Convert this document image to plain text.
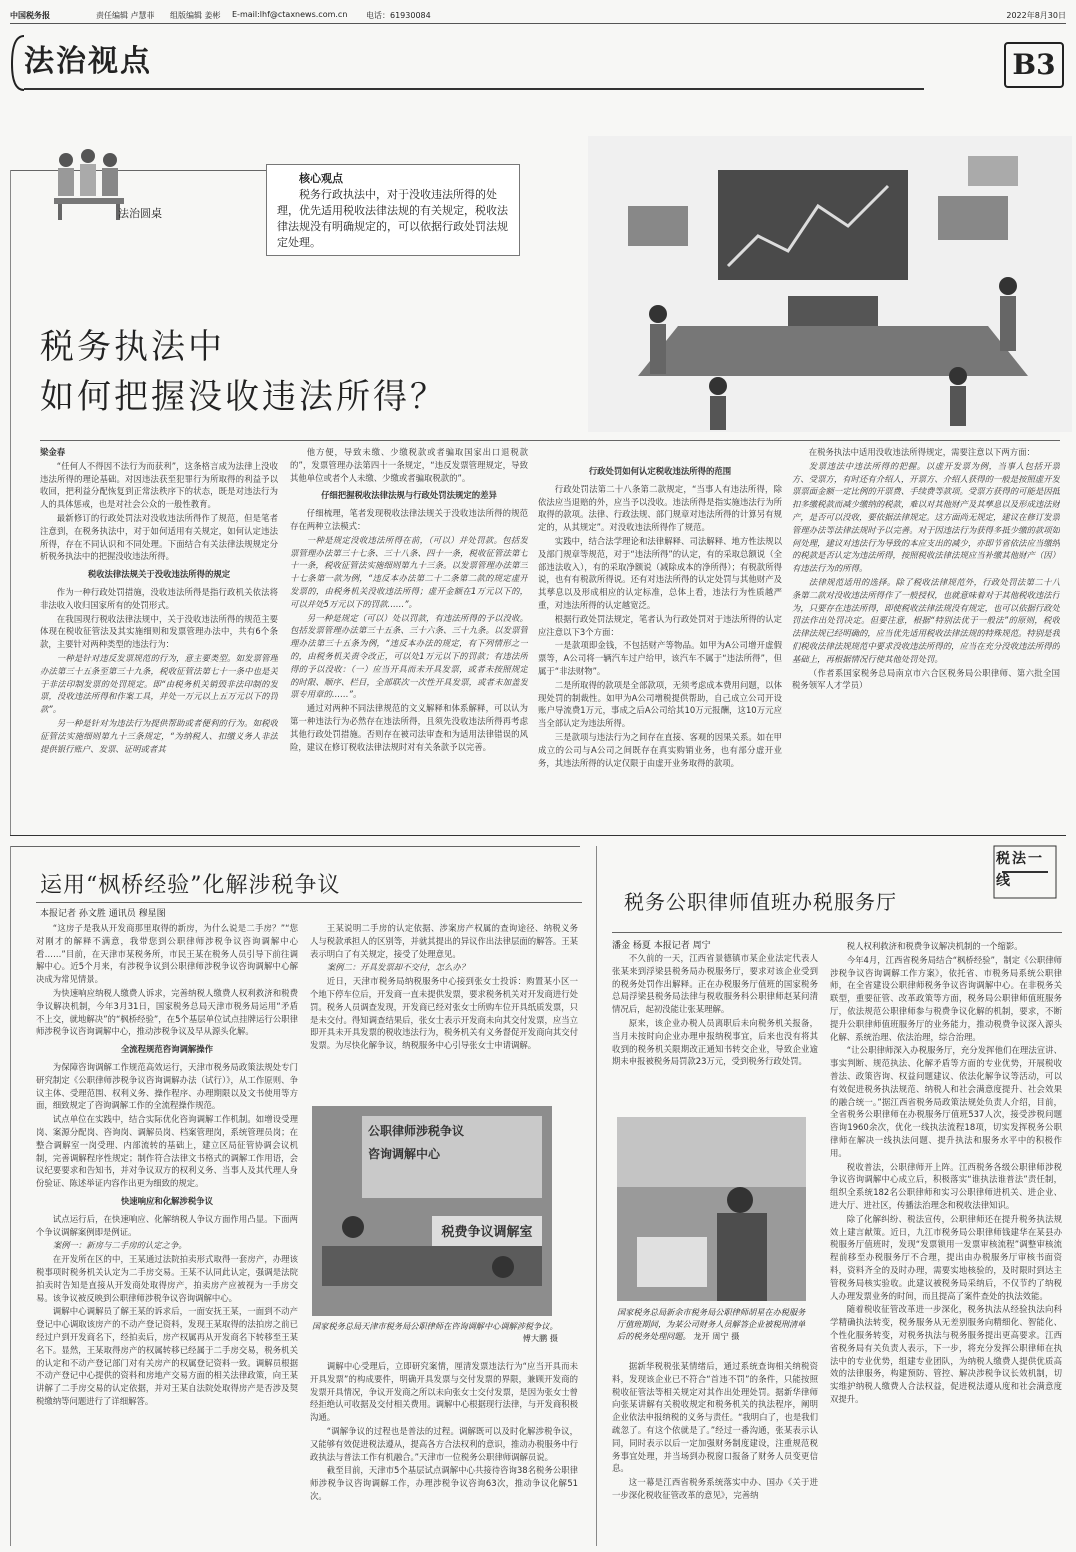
中国税务报	责任编辑 卢慧菲 组版编辑 姜彬 E-mail:lhf@ctaxnews.com.cn 电话：61930084	2022年8月30日
法治视点	B3
法治圆桌
核心观点
税务行政执法中，对于没收违法所得的处理，优先适用税收法律法规的有关规定，税收法律法规没有明确规定的，可以依据行政处罚法规定处理。
税务执法中
如何把握没收违法所得？

梁金春

“任何人不得因不法行为而获利”，这条格言成为法律上没收违法所得的理论基础。对因违法获至犯罪行为所取得的利益予以收回，把利益分配恢复到正常法秩序下的状态，既是对违法行为人的具体惩戒，也是对社会公众的一般性教育。

最新修订的行政处罚法对没收违法所得作了规范，但是笔者注意到，在税务执法中，对于如何适用有关规定，如何认定违法所得，存在不同认识和不同处理。下面结合有关法律法规规定分析税务执法中的把握没收违法所得。

税收法律法规关于没收违法所得的规定

作为一种行政处罚措施，没收违法所得是指行政机关依法将非法收入收归国家所有的处罚形式。

在我国现行税收法律法规中，关于没收违法所得的规范主要体现在税收征管法及其实施细则和发票管理办法中，共有6个条款，主要针对两种类型的违法行为：

一种是针对违反发票规范的行为，意主要类型。如发票管理办法第三十五条至第三十九条，税收征管法第七十一条中也是关于非法印制发票的处罚规定。即“由税务机关销毁非法印制的发票，没收违法所得和作案工具，并处一万元以上五万元以下的罚款”。

另一种是针对为违法行为提供帮助或者便利的行为。如税收征管法实施细则第九十三条规定，“为纳税人、扣缴义务人非法提供银行账户、发票、证明或者其

他方便，导致未缴、少缴税款或者骗取国家出口退税款的”，发票管理办法第四十一条规定，“违反发票管理规定，导致其他单位或者个人未缴、少缴或者骗取税款的”。

仔细把握税收法律法规与行政处罚法规定的差异

仔细梳理，笔者发现税收法律法规关于没收违法所得的规范存在两种立法模式：

一种是规定没收违法所得在前，（可以）并处罚款。包括发票管理办法第三十七条、三十八条、四十一条，税收征管法第七十一条，税收征管法实施细则第九十三条。以发票管理办法第三十七条第一款为例，“违反本办法第二十二条第二款的规定虚开发票的，由税务机关没收违法所得；虚开金额在1万元以下的，可以并处5万元以下的罚款……”。

另一种是规定（可以）处以罚款，有违法所得的予以没收。包括发票管理办法第三十五条、三十六条、三十九条。以发票管理办法第三十五条为例，“违反本办法的规定，有下列情形之一的，由税务机关责令改正，可以处1万元以下的罚款；有违法所得的予以没收：（一）应当开具而未开具发票，或者未按照规定的时限、顺序、栏目，全部联次一次性开具发票，或者未加盖发票专用章的……”。

通过对两种不同法律规范的文义解释和体系解释，可以认为第一种违法行为必然存在违法所得，且须先没收违法所得再考虑其他行政处罚措施。否则存在被司法审查和为适用法律错误的风险，建议在修订税收法律法规时对有关条款予以完善。

行政处罚如何认定税收违法所得的范围

行政处罚法第二十八条第二款规定，“当事人有违法所得，除依法应当退赔的外，应当予以没收。违法所得是指实施违法行为所取得的款项。法律、行政法规、部门规章对违法所得的计算另有规定的，从其规定”。对没收违法所得作了规范。

实践中，结合法学理论和法律解释、司法解释、地方性法规以及部门规章等规范，对于“违法所得”的认定，有的采取总额说（全部违法收入），有的采取净额说（减除成本的净所得）；有税款所得说，也有有税款所得说。还有对违法所得的认定处罚与其他财产及其孳息以及形成相应的认定标准，总体上看，违法行为性质越严重，对违法所得的认定越宽泛。

根据行政处罚法规定，笔者认为行政处罚对于违法所得的认定应注意以下3个方面：

一是款项即金钱，不包括财产等物品。如甲为A公司增开虚假票等，A公司将一辆汽车过户给甲，该汽车不属于“违法所得”，但属于“非法财物”。

二是所取得的款项是全部款项，无须考虑成本费用问题，以体现处罚的制裁性。如甲为A公司增税提供帮助，自己成立公司开设账户导流费1万元，事成之后A公司给其10万元报酬，这10万元应当全部认定为违法所得。

三是款项与违法行为之间存在直接、客观的因果关系。如在甲成立的公司与A公司之间既存在真实购销业务，也有部分虚开业务，其违法所得的认定仅限于由虚开业务取得的款项。

在税务执法中适用没收违法所得规定，需要注意以下两方面：

发票违法中违法所得的把握。以虚开发票为例，当事人包括开票方、受票方，有时还有介绍人，开票方、介绍人获得的一般是按照虚开发票票面金额一定比例的开票费、手续费等款项。受票方获得的可能是因抵扣多缴税款而减少缴纳的税款，难以对其他财产及其孳息以及形成违法财产，是否可以没收，要依据法律规定。这方面尚无规定，建议在修订发票管理办法等法律法规时予以完善。对于因违法行为获得多抵少缴的款项如何处理，建议对违法行为导致的本应支出的减少，亦即节省依法应当缴纳的税款是否认定为违法所得，按照税收法律法规应当补缴其他财产（因）有违法行为的所得。

法律规范适用的选择。除了税收法律规范外，行政处罚法第二十八条第二款对没收违法所得作了一般授权，也就意味着对于其他税收违法行为，只要存在违法所得，即使税收法律法规没有规定，也可以依据行政处罚法作出处罚决定。但要注意，根据“特别法优于一般法”的原则，税收法律法规已经明确的，应当优先适用税收法律法规的特殊规范。特别是我们税收法律法规规范中要求没收违法所得的，应当在充分没收违法所得的基础上，再根据情况行使其他处罚处罚。

（作者系国家税务总局南京市六合区税务局公职律师、第六批全国税务领军人才学员）

运用“枫桥经验”化解涉税争议
本报记者 孙文胜 通讯员 穆星图

“这房子是我从开发商那里取得的新房，为什么说是二手房？”“您对刚才的解释不满意，我带您到公职律师涉税争议咨询调解中心看……”目前，在天津市某税务所，市民王某在税务人员引导下前往调解中心。近5个月来，有涉税争议到公职律师涉税争议咨询调解中心解决成为常见情景。

为快速响应纳税人缴费人诉求，完善纳税人缴费人权利救济和税费争议解决机制，今年3月31日，国家税务总局天津市税务局运用“矛盾不上交，就地解决”的“枫桥经验”，在5个基层单位试点挂牌运行公职律师涉税争议咨询调解中心，推动涉税争议及早从源头化解。

全流程规范咨询调解操作

为保障咨询调解工作规范高效运行，天津市税务局政策法规处专门研究制定《公职律师涉税争议咨询调解办法（试行）》，从工作原则、争议主体、受理范围、权利义务、操作程序、办理期限以及文书使用等方面，细致规定了咨询调解工作的全流程操作规范。

试点单位在实践中，结合实际优化咨询调解工作机制。如增设受理岗、案源分配岗、咨询岗、调解员岗、档案管理岗，系统管理员岗；在整合调解室一岗受理、内部流转的基础上，建立区局征管协调会议机制，完善调解程序性规定；制作符合法律文书格式的调解工作用语，会议纪要要求和告知书，并对争议双方的权利义务、当事人及其代理人身份验证、陈述举证内容作出更为细致的规定。

快速响应和化解涉税争议

试点运行后，在快速响应、化解纳税人争议方面作用凸显。下面两个争议调解案例即是例证。

案例一：新房与二手房的认定之争。

在开发所在区的中，王某通过法院拍卖形式取得一套房产，办理该税事项时税务机关认定为二手房交易。王某不认同此认定，强调是法院拍卖时告知是直接从开发商处取得房产，拍卖房产应被视为一手房交易。该争议被反映到公职律师涉税争议咨询调解中心。

调解中心调解员了解王某的诉求后，一面安抚王某，一面到不动产登记中心调取该房产的不动产登记资料，发现王某取得的法拍房之前已经过户到开发商名下，经拍卖后，房产权属再从开发商名下转移至王某名下。显然，王某取得房产的权属转移已经属于二手房交易，税务机关的认定和不动产登记部门对有关房产的权属登记资料一致。调解员根据不动产登记中心提供的资料和房地产交易方面的相关法律政策，向王某讲解了二手房交易的认定依据，并对王某自法院处取得房产是否涉及契税缴纳等问题进行了详细解答。

王某说明二手房的认定依据、涉案房产权属的查询途径、纳税义务人与税款承担人的区别等，并就其提出的异议作出法律层面的解答。王某表示明白了有关规定，接受了处理意见。

案例二：开具发票却不交付，怎么办？

近日，天津市税务局纳税服务中心接到张女士投诉：购置某小区一个地下停车位后，开发商一直未提供发票，要求税务机关对开发商进行处罚。税务人员调查发现，开发商已经对张女士所购车位开具纸质发票，只是未交付。得知调查结果后，张女士表示开发商未向其交付发票，应当立即开具未开具发票的税收违法行为，税务机关有义务督促开发商向其交付发票。为尽快化解争议，纳税服务中心引导张女士申请调解。

公职律师涉税争议
咨询调解中心
税费争议调解室
国家税务总局天津市税务局公职律师在咨询调解中心调解涉税争议。
傅大鹏 摄

调解中心受理后，立即研究案情，厘清发票违法行为“应当开具而未开具发票”的构成要件，明确开具发票与交付发票的界限，兼顾开发商的发票开具情况，争议开发商之所以未向张女士交付发票，是因为张女士曾经拒绝认可收据及交付相关费用。调解中心根据现行法律，与开发商积极沟通。

“调解争议的过程也是普法的过程。调解既可以及时化解涉税争议，又能够有效促进税法遵从，提高各方合法权利的意识，推动办税服务中行政执法与普法工作有机融合。”天津市一位税务公职律师调解员说。

截至目前，天津市5个基层试点调解中心共接待咨询38名税务公职律师涉税争议咨询调解工作，办理涉税争议咨询63次，推动争议化解51次。

税法一线
税务公职律师值班办税服务厅
潘金 杨夏 本报记者 周宁

不久前的一天，江西省景德镇市某企业法定代表人张某来到浮梁县税务局办税服务厅，要求对该企业受到的税务处罚作出解释。正在办税服务厅值班的国家税务总局浮梁县税务局法律与税收服务科公职律师赵某问清情况后，起初没能让张某理解。

原来，该企业办税人员离职后未向税务机关报备，当月未按时向企业办理申报纳税事宜，后来也没有将其收到的税务机关限期改正通知书转交企业，导致企业逾期未申报被税务局罚款23万元，受到税务行政处罚。

国家税务总局新余市税务局公职律师胡星在办税服务厅值班期间，为某公司财务人员解答企业被税刑清单后的税务处理问题。 龙开 周宁 摄

据新华税税张某情绪后，通过系统查询相关纳税资料，发现该企业已不符合“首违不罚”的条件，只能按照税收征管法等相关规定对其作出处理处罚。据新华律师向张某讲解有关税收规定和税务机关的执法程序，阐明企业依法申报纳税的义务与责任。“我明白了，也是我们疏忽了。有这个依就是了。”经过一番沟通，张某表示认同，同时表示以后一定加强财务制度建设，注重规范税务事宜处理，并当场到办税窗口报备了财务人员变更信息。

这一幕是江西省税务系统落实中办、国办《关于进一步深化税收征管改革的意见》，完善纳

税人权利救济和税费争议解决机制的一个缩影。

今年4月，江西省税务局结合“枫桥经验”，制定《公职律师涉税争议咨询调解工作方案》，依托省、市税务局系统公职律师，在全省建设公职律师税务争议咨询调解中心。在非税务关联型，重要征管、改革政策等方面，税务局公职律师值班服务厅，依法规范公职律师参与税费争议化解的机制，要求，不断提升公职律师值班服务厅的业务能力，推动税费争议深入源头化解、系统治理、依法治理，综合治理。

“让公职律师深入办税服务厅，充分发挥他们在理法宣讲、事实判断、规范执法、化解矛盾等方面的专业优势，开展税收普法、政策咨询、权益问题建议、依法化解争议等活动，可以有效促进税务执法规范、纳税人和社会满意度提升、社会效果的融合统一。”据江西省税务局政策法规处负责人介绍，目前，全省税务公职律师在办税服务厅值班537人次，接受涉税问题咨询1960余次，优化一线执法流程18项，切实发挥税务公职律师在解决一线执法问题、提升执法和服务水平中的积极作用。

税收普法，公职律师开上阵。江西税务各级公职律师涉税争议咨询调解中心成立后，积极落实“谁执法谁普法”责任制，组织全系统182名公职律师和实习公职律师进机关、进企业、进大厅、进社区，传播法治理念和税收法律知识。

除了化解纠纷、税法宣传，公职律师还在提升税务执法规效上建言献策。近日，九江市税务局公职律师钱建华在某县办税服务厅值班时，发现“发票锁用一发票审核流程”调整审核流程前移至办税服务厅不合理，提出由办税服务厅审核书面资料，资料齐全的及时办理，需要实地核验的，及时限时到达主管税务局核实验收。此建议被税务局采纳后，不仅节约了纳税人办理发票业务的时间，而且提高了案件查处的执法效能。

随着税收征管改革进一步深化，税务执法从经验执法向科学精确执法转变，税务服务从无差别服务向精细化、智能化、个性化服务转变，对税务执法与税务服务提出更高要求。江西省税务局有关负责人表示，下一步，将充分发挥公职律师在执法中的专业优势，组建专业团队，为纳税人缴费人提供优质高效的法律服务，构建预防、管控、解决涉税争议长效机制，切实维护纳税人缴费人合法权益，促进税法遵从度和社会满意度双提升。
